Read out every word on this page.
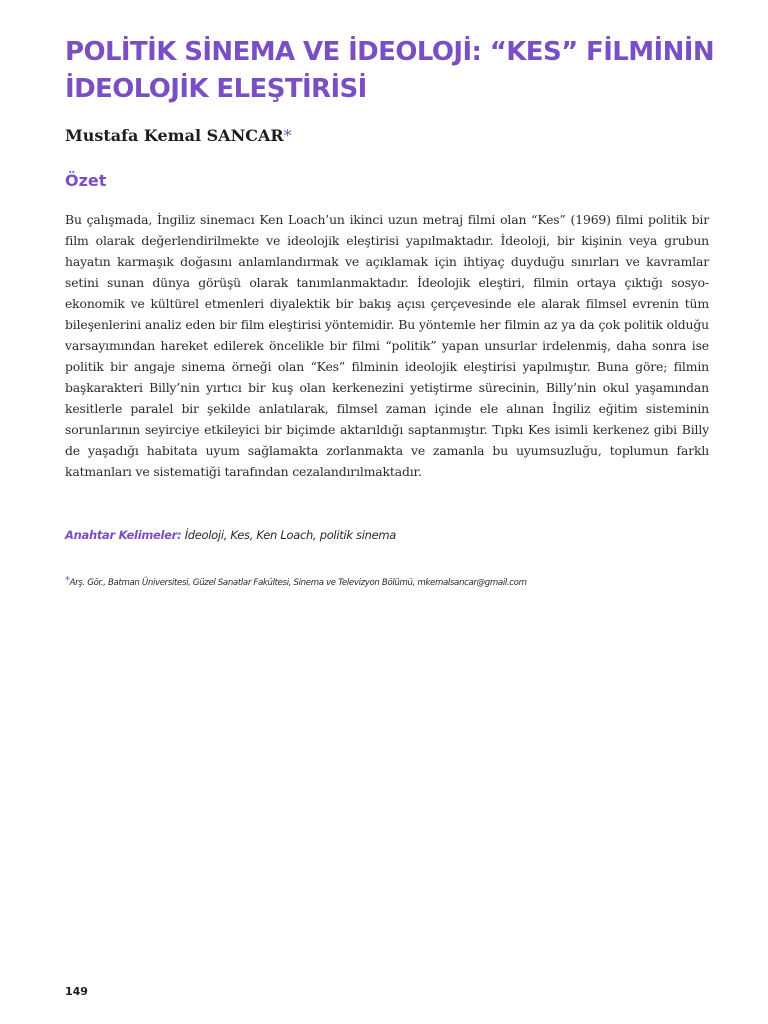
POLİTİK SİNEMA VE İDEOLOJİ: “KES” FİLMİNİN İDEOLOJİK ELEŞTİRİSİ

Mustafa Kemal SANCAR*

Özet

Bu çalışmada, İngiliz sinemacı Ken Loach’un ikinci uzun metraj filmi olan “Kes” (1969) filmi politik bir film olarak değerlendirilmekte ve ideolojik eleştirisi yapılmaktadır. İdeoloji, bir kişinin veya grubun hayatın karmaşık doğasını anlamlandırmak ve açıklamak için ihtiyaç duyduğu sınırları ve kavramlar setini sunan dünya görüşü olarak tanımlanmaktadır. İdeolojik eleştiri, filmin ortaya çıktığı sosyo-ekonomik ve kültürel etmenleri diyalektik bir bakış açısı çerçevesinde ele alarak filmsel evrenin tüm bileşenlerini analiz eden bir film eleştirisi yöntemidir. Bu yöntemle her filmin az ya da çok politik olduğu varsayımından hareket edilerek öncelikle bir filmi “politik” yapan unsurlar irdelenmiş, daha sonra ise politik bir angaje sinema örneği olan “Kes” filminin ideolojik eleştirisi yapılmıştır. Buna göre; filmin başkarakteri Billy’nin yırtıcı bir kuş olan kerkenezini yetiştirme sürecinin, Billy’nin okul yaşamından kesitlerle paralel bir şekilde anlatılarak, filmsel zaman içinde ele alınan İngiliz eğitim sisteminin sorunlarının seyirciye etkileyici bir biçimde aktarıldığı saptanmıştır. Tıpkı Kes isimli kerkenez gibi Billy de yaşadığı habitata uyum sağlamakta zorlanmakta ve zamanla bu uyumsuzluğu, toplumun farklı katmanları ve sistematiği tarafından cezalandırılmaktadır.

Anahtar Kelimeler: İdeoloji, Kes, Ken Loach, politik sinema

*Arş. Gör., Batman Üniversitesi, Güzel Sanatlar Fakültesi, Sinema ve Televizyon Bölümü, mkemalsancar@gmail.com

149
